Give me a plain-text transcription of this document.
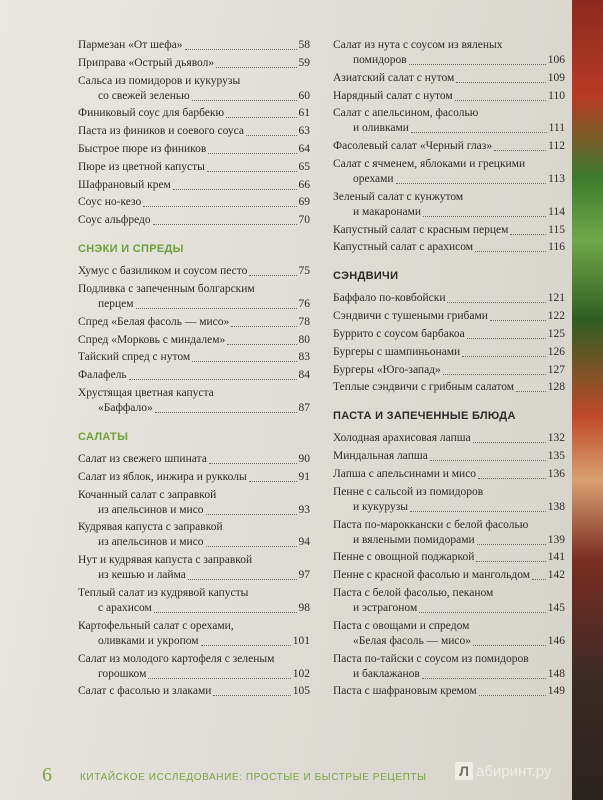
Пармезан «От шефа»	58
Приправа «Острый дьявол»	59
Сальса из помидоров и кукурузы
со свежей зеленью	60
Финиковый соус для барбекю	61
Паста из фиников и соевого соуса	63
Быстрое пюре из фиников	64
Пюре из цветной капусты	65
Шафрановый крем	66
Соус но-кезо	69
Соус альфредо	70
СНЭКИ И СПРЕДЫ
Хумус с базиликом и соусом песто	75
Подливка с запеченным болгарским
перцем	76
Спред «Белая фасоль — мисо»	78
Спред «Морковь с миндалем»	80
Тайский спред с нутом	83
Фалафель	84
Хрустящая цветная капуста
«Баффало»	87
САЛАТЫ
Салат из свежего шпината	90
Салат из яблок, инжира и рукколы	91
Кочанный салат с заправкой
из апельсинов и мисо	93
Кудрявая капуста с заправкой
из апельсинов и мисо	94
Нут и кудрявая капуста с заправкой
из кешью и лайма	97
Теплый салат из кудрявой капусты
с арахисом	98
Картофельный салат с орехами,
оливками и укропом	101
Салат из молодого картофеля с зеленым
горошком	102
Салат с фасолью и злаками	105
Салат из нута с соусом из вяленых
помидоров	106
Азиатский салат с нутом	109
Нарядный салат с нутом	110
Салат с апельсином, фасолью
и оливками	111
Фасолевый салат «Черный глаз»	112
Салат с ячменем, яблоками и грецкими
орехами	113
Зеленый салат с кунжутом
и макаронами	114
Капустный салат с красным перцем	115
Капустный салат с арахисом	116
СЭНДВИЧИ
Баффало по-ковбойски	121
Сэндвичи с тушеными грибами	122
Буррито с соусом барбакоа	125
Бургеры с шампиньонами	126
Бургеры «Юго-запад»	127
Теплые сэндвичи с грибным салатом	128
ПАСТА И ЗАПЕЧЕННЫЕ БЛЮДА
Холодная арахисовая лапша	132
Миндальная лапша	135
Лапша с апельсинами и мисо	136
Пенне с сальсой из помидоров
и кукурузы	138
Паста по-мароккански с белой фасолью
и вялеными помидорами	139
Пенне с овощной поджаркой	141
Пенне с красной фасолью и мангольдом 142
Паста с белой фасолью, пеканом
и эстрагоном	145
Паста с овощами и спредом
«Белая фасоль — мисо»	146
Паста по-тайски с соусом из помидоров
и баклажанов	148
Паста с шафрановым кремом	149
6	КИТАЙСКОЕ ИССЛЕДОВАНИЕ: ПРОСТЫЕ И БЫСТРЫЕ РЕЦЕПТЫ Л абиринт.ру
